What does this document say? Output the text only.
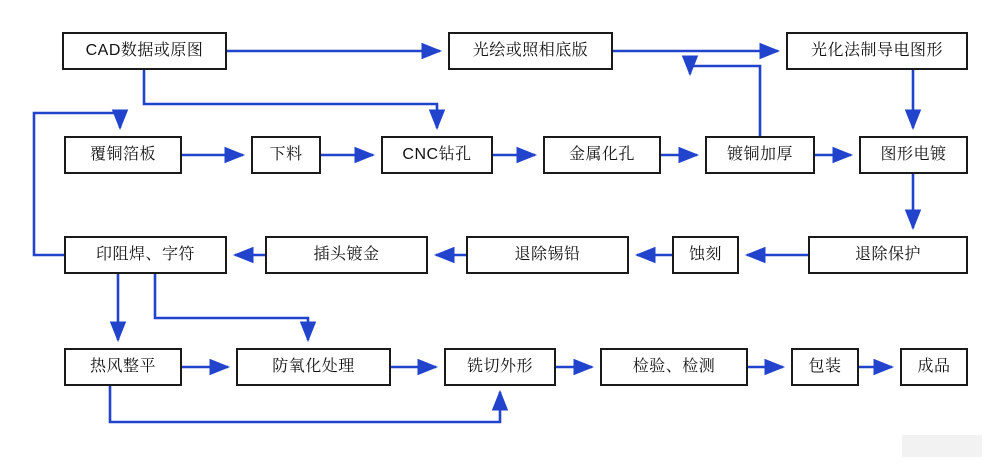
CAD数据或原图	光绘或照相底版	光化法制导电图形
覆铜箔板	下料	CNC钻孔	金属化孔	镀铜加厚	图形电镀
退除保护
蚀刻
退除锡铅
插头镀金
印阻焊、字符
热风整平	防氧化处理	铣切外形	检验、检测	包装	成品
